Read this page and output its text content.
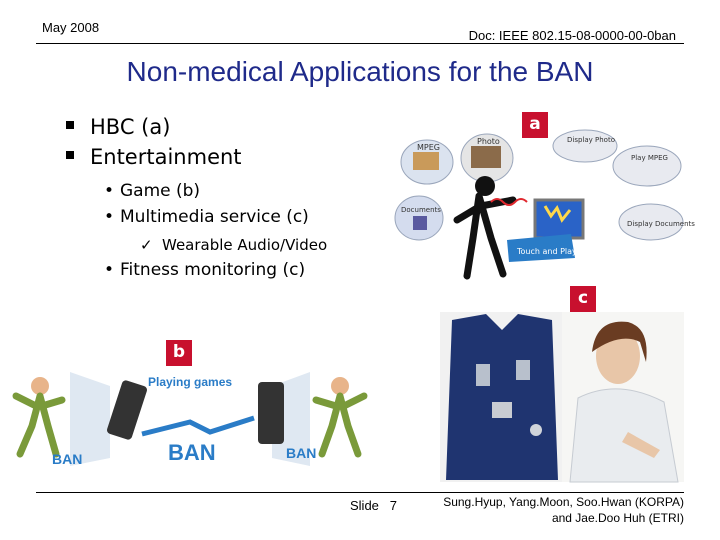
May 2008
Doc: IEEE 802.15-08-0000-00-0ban
Non-medical Applications for the BAN
HBC (a)
Entertainment
• Game (b)
• Multimedia service (c)
✓ Wearable Audio/Video
• Fitness monitoring (c)
MPEG
Photo
Documents
Display Photo
Play MPEG
Display Documents
Touch and Play !!
a
c
b
Playing games
BAN
BAN	BAN
Slide   7	Sung.Hyup, Yang.Moon, Soo.Hwan (KORPA)
and Jae.Doo Huh (ETRI)
